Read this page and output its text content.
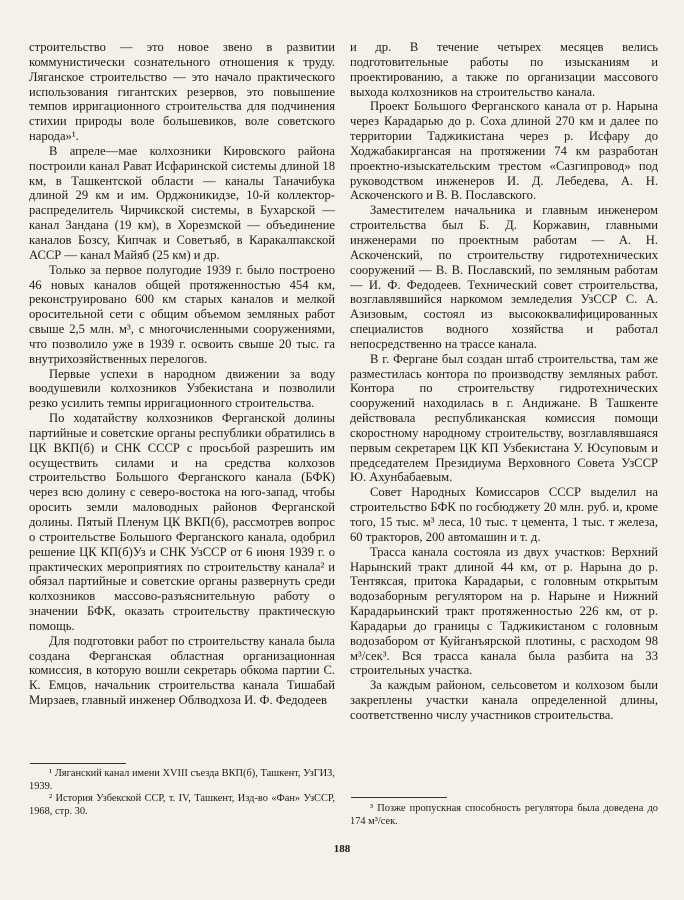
строительство — это новое звено в развитии коммунистически сознательного отношения к труду. Ляганское строительство — это начало практического использования гигантских резервов, это повышение темпов ирригационного строительства для подчинения стихии природы воле большевиков, воле советского народа»¹.

В апреле—мае колхозники Кировского района построили канал Рават Исфаринской системы длиной 18 км, в Ташкентской области — каналы Таначибука длиной 29 км и им. Орджоникидзе, 10-й коллектор-распределитель Чирчикской системы, в Бухарской — канал Зандана (19 км), в Хорезмской — объединение каналов Бозсу, Кипчак и Советъяб, в Каракалпакской АССР — канал Майяб (25 км) и др.

Только за первое полугодие 1939 г. было построено 46 новых каналов общей протяженностью 454 км, реконструировано 600 км старых каналов и мелкой оросительной сети с общим объемом земляных работ свыше 2,5 млн. м³, с многочисленными сооружениями, что позволило уже в 1939 г. освоить свыше 20 тыс. га внутрихозяйственных перелогов.

Первые успехи в народном движении за воду воодушевили колхозников Узбекистана и позволили резко усилить темпы ирригационного строительства.

По ходатайству колхозников Ферганской долины партийные и советские органы республики обратились в ЦК ВКП(б) и СНК СССР с просьбой разрешить им осуществить силами и на средства колхозов строительство Большого Ферганского канала (БФК) через всю долину с северо-востока на юго-запад, чтобы оросить земли маловодных районов Ферганской долины. Пятый Пленум ЦК ВКП(б), рассмотрев вопрос о строительстве Большого Ферганского канала, одобрил решение ЦК КП(б)Уз и СНК УзССР от 6 июня 1939 г. о практических мероприятиях по строительству канала² и обязал партийные и советские органы развернуть среди колхозников массово-разъяснительную работу о значении БФК, оказать строительству практическую помощь.

Для подготовки работ по строительству канала была создана Ферганская областная организационная комиссия, в которую вошли секретарь обкома партии С. К. Емцов, начальник строительства канала Тишабай Мирзаев, главный инженер Облводхоза И. Ф. Федодеев

¹ Ляганский канал имени XVIII съезда ВКП(б), Ташкент, УзГИЗ, 1939.

² История Узбекской ССР, т. IV, Ташкент, Изд-во «Фан» УзССР, 1968, стр. 30.

и др. В течение четырех месяцев велись подготовительные работы по изысканиям и проектированию, а также по организации массового выхода колхозников на строительство канала.

Проект Большого Ферганского канала от р. Нарына через Карадарью до р. Соха длиной 270 км и далее по территории Таджикистана через р. Исфару до Ходжабакиргансая на протяжении 74 км разработан проектно-изыскательским трестом «Сазгипровод» под руководством инженеров И. Д. Лебедева, А. Н. Аскоченского и В. В. Пославского.

Заместителем начальника и главным инженером строительства был Б. Д. Коржавин, главными инженерами по проектным работам — А. Н. Аскоченский, по строительству гидротехнических сооружений — В. В. Пославский, по земляным работам — И. Ф. Федодеев. Технический совет строительства, возглавлявшийся наркомом земледелия УзССР С. А. Азизовым, состоял из высококвалифицированных специалистов водного хозяйства и работал непосредственно на трассе канала.

В г. Фергане был создан штаб строительства, там же разместилась контора по производству земляных работ. Контора по строительству гидротехнических сооружений находилась в г. Андижане. В Ташкенте действовала республиканская комиссия помощи скоростному народному строительству, возглавлявшаяся первым секретарем ЦК КП Узбекистана У. Юсуповым и председателем Президиума Верховного Совета УзССР Ю. Ахунбабаевым.

Совет Народных Комиссаров СССР выделил на строительство БФК по госбюджету 20 млн. руб. и, кроме того, 15 тыс. м³ леса, 10 тыс. т цемента, 1 тыс. т железа, 60 тракторов, 200 автомашин и т. д.

Трасса канала состояла из двух участков: Верхний Нарынский тракт длиной 44 км, от р. Нарына до р. Тентяксая, притока Карадарьи, с головным открытым водозаборным регулятором на р. Нарыне и Нижний Карадарьинский тракт протяженностью 226 км, от р. Карадарьи до границы с Таджикистаном с головным водозабором от Куйганъярской плотины, с расходом 98 м³/сек³. Вся трасса канала была разбита на 33 строительных участка.

За каждым районом, сельсоветом и колхозом были закреплены участки канала определенной длины, соответственно числу участников строительства.

³ Позже пропускная способность регулятора была доведена до 174 м³/сек.

188
